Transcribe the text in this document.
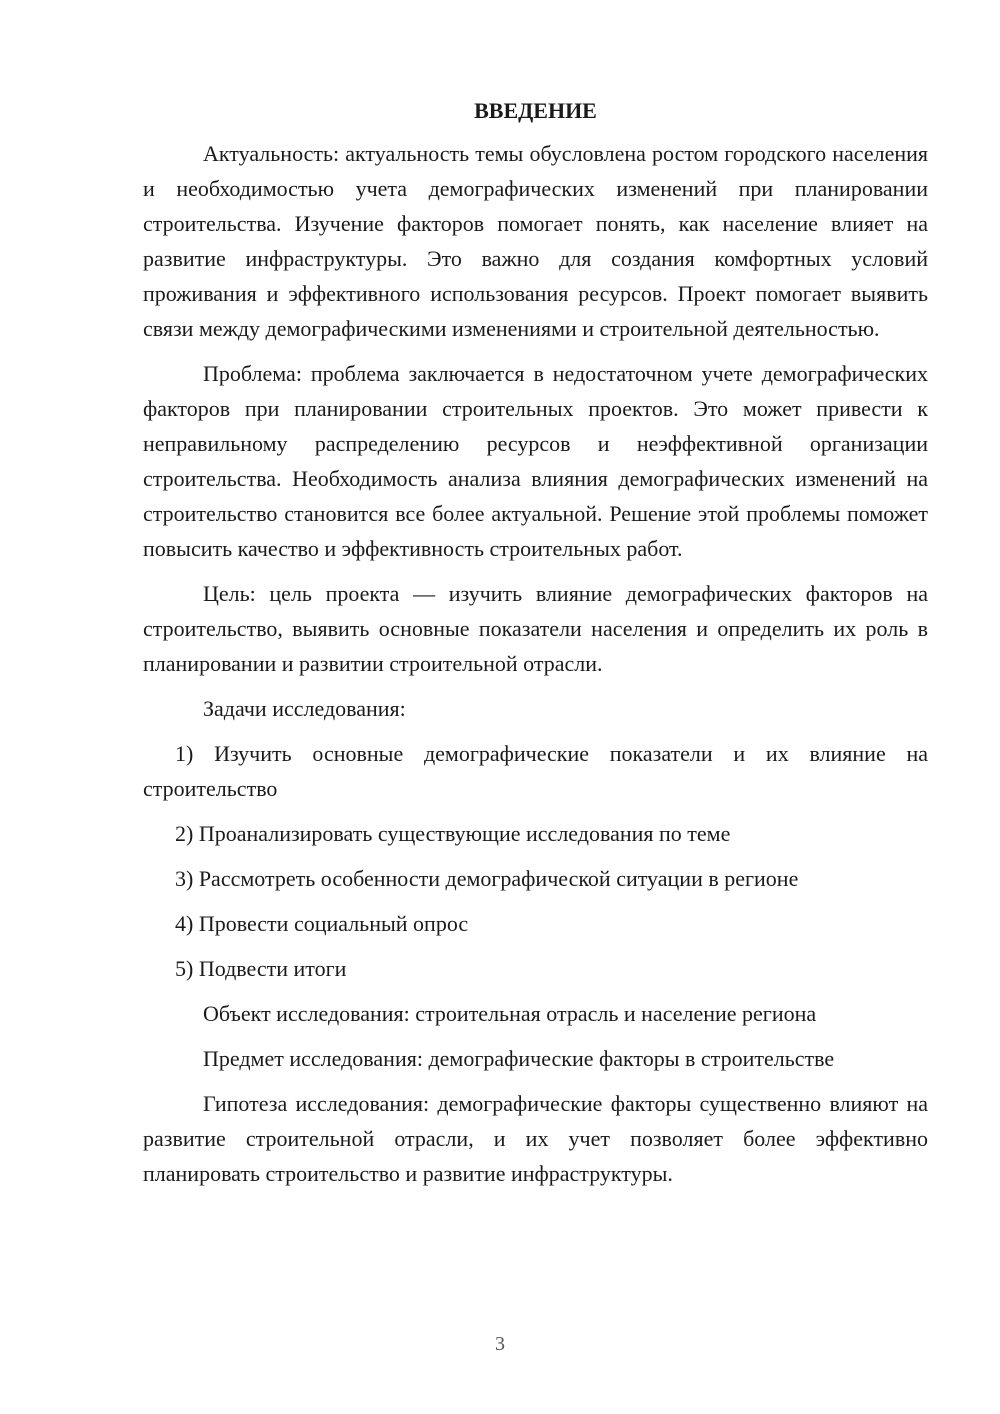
ВВЕДЕНИЕ

Актуальность: актуальность темы обусловлена ростом городского населения и необходимостью учета демографических изменений при планировании строительства. Изучение факторов помогает понять, как население влияет на развитие инфраструктуры. Это важно для создания комфортных условий проживания и эффективного использования ресурсов. Проект помогает выявить связи между демографическими изменениями и строительной деятельностью.

Проблема: проблема заключается в недостаточном учете демографических факторов при планировании строительных проектов. Это может привести к неправильному распределению ресурсов и неэффективной организации строительства. Необходимость анализа влияния демографических изменений на строительство становится все более актуальной. Решение этой проблемы поможет повысить качество и эффективность строительных работ.

Цель: цель проекта — изучить влияние демографических факторов на строительство, выявить основные показатели населения и определить их роль в планировании и развитии строительной отрасли.

Задачи исследования:

1) Изучить основные демографические показатели и их влияние на строительство

2) Проанализировать существующие исследования по теме

3) Рассмотреть особенности демографической ситуации в регионе

4) Провести социальный опрос

5) Подвести итоги

Объект исследования: строительная отрасль и население региона

Предмет исследования: демографические факторы в строительстве

Гипотеза исследования: демографические факторы существенно влияют на развитие строительной отрасли, и их учет позволяет более эффективно планировать строительство и развитие инфраструктуры.

3
